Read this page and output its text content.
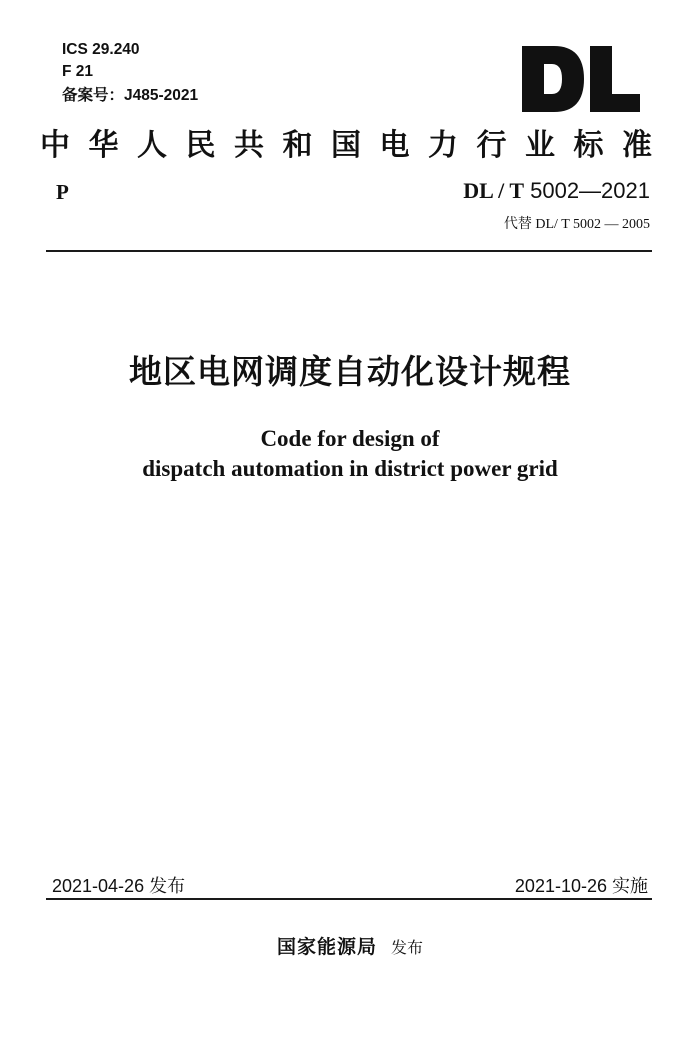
ICS 29.240
F 21
备案号：J485-2021
中 华 人 民 共 和 国 电 力 行 业 标 准
P	DL / T 5002—2021
代替 DL/ T 5002 — 2005
地区电网调度自动化设计规程
Code for design of
dispatch automation in district power grid
2021-04-26 发布	2021-10-26 实施
国家能源局 发布
